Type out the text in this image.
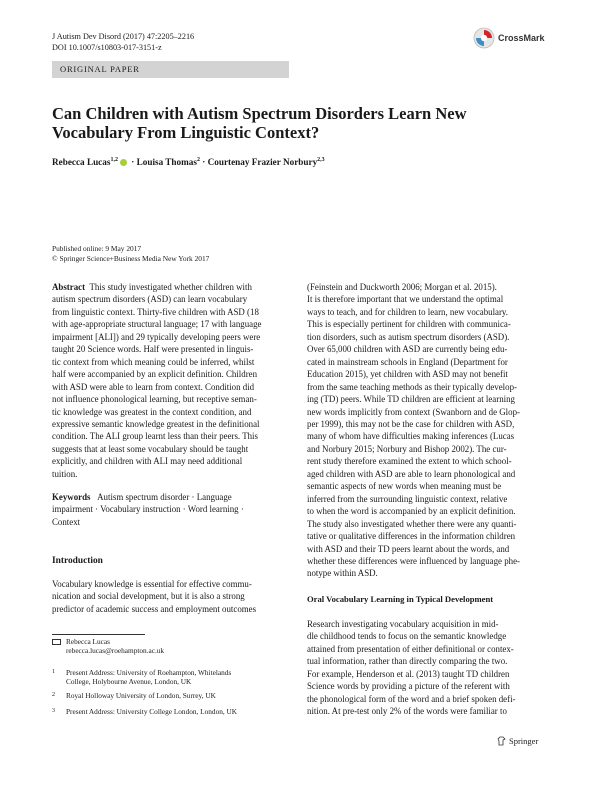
J Autism Dev Disord (2017) 47:2205–2216
DOI 10.1007/s10803-017-3151-z
CrossMark
ORIGINAL PAPER
Can Children with Autism Spectrum Disorders Learn New
Vocabulary From Linguistic Context?
Rebecca Lucas$^{1,2}$ · Louisa Thomas$^2$ · Courtenay Frazier Norbury$^{2,3}$
Published online: 9 May 2017
© Springer Science+Business Media New York 2017

Abstract This study investigated whether children with

autism spectrum disorders (ASD) can learn vocabulary

from linguistic context. Thirty-five children with ASD (18

with age-appropriate structural language; 17 with language

impairment [ALI]) and 29 typically developing peers were

taught 20 Science words. Half were presented in linguis-

tic context from which meaning could be inferred, whilst

half were accompanied by an explicit definition. Children

with ASD were able to learn from context. Condition did

not influence phonological learning, but receptive seman-

tic knowledge was greatest in the context condition, and

expressive semantic knowledge greatest in the definitional

condition. The ALI group learnt less than their peers. This

suggests that at least some vocabulary should be taught

explicitly, and children with ALI may need additional

tuition.

Keywords Autism spectrum disorder · Language

impairment · Vocabulary instruction · Word learning ·

Context

Introduction

Vocabulary knowledge is essential for effective commu-

nication and social development, but it is also a strong

predictor of academic success and employment outcomes

(Feinstein and Duckworth 2006; Morgan et al. 2015).

It is therefore important that we understand the optimal

ways to teach, and for children to learn, new vocabulary.

This is especially pertinent for children with communica-

tion disorders, such as autism spectrum disorders (ASD).

Over 65,000 children with ASD are currently being edu-

cated in mainstream schools in England (Department for

Education 2015), yet children with ASD may not benefit

from the same teaching methods as their typically develop-

ing (TD) peers. While TD children are efficient at learning

new words implicitly from context (Swanborn and de Glop-

per 1999), this may not be the case for children with ASD,

many of whom have difficulties making inferences (Lucas

and Norbury 2015; Norbury and Bishop 2002). The cur-

rent study therefore examined the extent to which school-

aged children with ASD are able to learn phonological and

semantic aspects of new words when meaning must be

inferred from the surrounding linguistic context, relative

to when the word is accompanied by an explicit definition.

The study also investigated whether there were any quanti-

tative or qualitative differences in the information children

with ASD and their TD peers learnt about the words, and

whether these differences were influenced by language phe-

notype within ASD.

Oral Vocabulary Learning in Typical Development

Research investigating vocabulary acquisition in mid-

dle childhood tends to focus on the semantic knowledge

attained from presentation of either definitional or contex-

tual information, rather than directly comparing the two.

For example, Henderson et al. (2013) taught TD children

Science words by providing a picture of the referent with

the phonological form of the word and a brief spoken defi-

nition. At pre-test only 2% of the words were familiar to

Rebecca Lucas
rebecca.lucas@roehampton.ac.uk
1 Present Address: University of Roehampton, Whitelands
College, Holybourne Avenue, London, UK
2	Royal Holloway University of London, Surrey, UK
3	Present Address: University College London, London, UK
Springer
